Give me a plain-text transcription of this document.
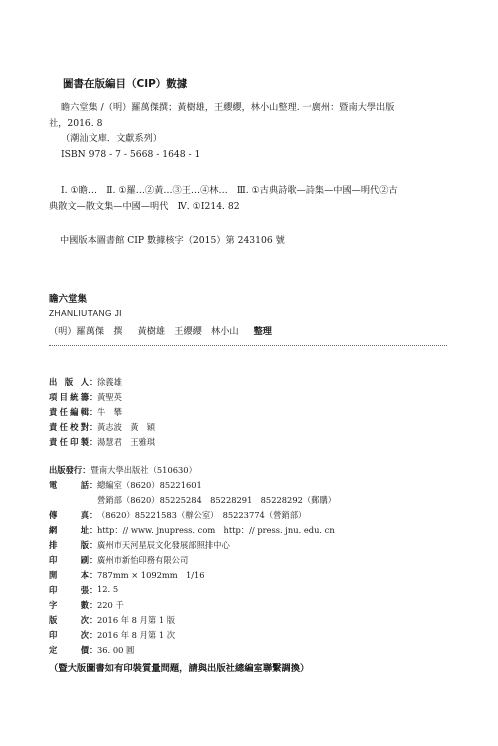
圖書在版編目（CIP）數據
瞻六堂集 /（明）羅萬傑撰；黃樹雄，王纓纓，林小山整理. 一廣州：暨南大學出版
社，2016. 8
（潮汕文庫．文獻系列）
ISBN 978 - 7 - 5668 - 1648 - 1
Ⅰ. ①瞻…　Ⅱ. ①羅…②黃…③王…④林…　Ⅲ. ①古典詩歌—詩集—中國—明代②古
典散文—散文集—中國—明代　Ⅳ. ①I214. 82
中國版本圖書館 CIP 數據核字（2015）第 243106 號
瞻六堂集
ZHANLIUTANG JI
（明）羅萬傑　撰 　 黃樹雄　王纓纓　林小山 　 整理
出 版 人 ： 徐義雄
項目統籌 ： 黃聖英
責任編輯 ： 牛　攀
責任校對 ： 黃志波　黃　穎
責任印製 ： 湯慧君　王雅琪
出版發行 ： 暨南大學出版社（510630）
電話 ： 總編室（8620）85221601
營銷部（8620）85225284　85228291　85228292（郵購）
傳真 ： （8620）85221583（辦公室）　85223774（營銷部）
網址 ： http：// www. jnupress. com　http：// press. jnu. edu. cn
排版 ： 廣州市天河星辰文化發展部照排中心
印刷 ： 廣州市新怡印務有限公司
開本 ： 787mm × 1092mm　1/16
印張 ： 12. 5
字數 ： 220 千
版次 ： 2016 年 8 月第 1 版
印次 ： 2016 年 8 月第 1 次
定價 ： 36. 00 圓
（暨大版圖書如有印裝質量問題，請與出版社總編室聯繫調換）
